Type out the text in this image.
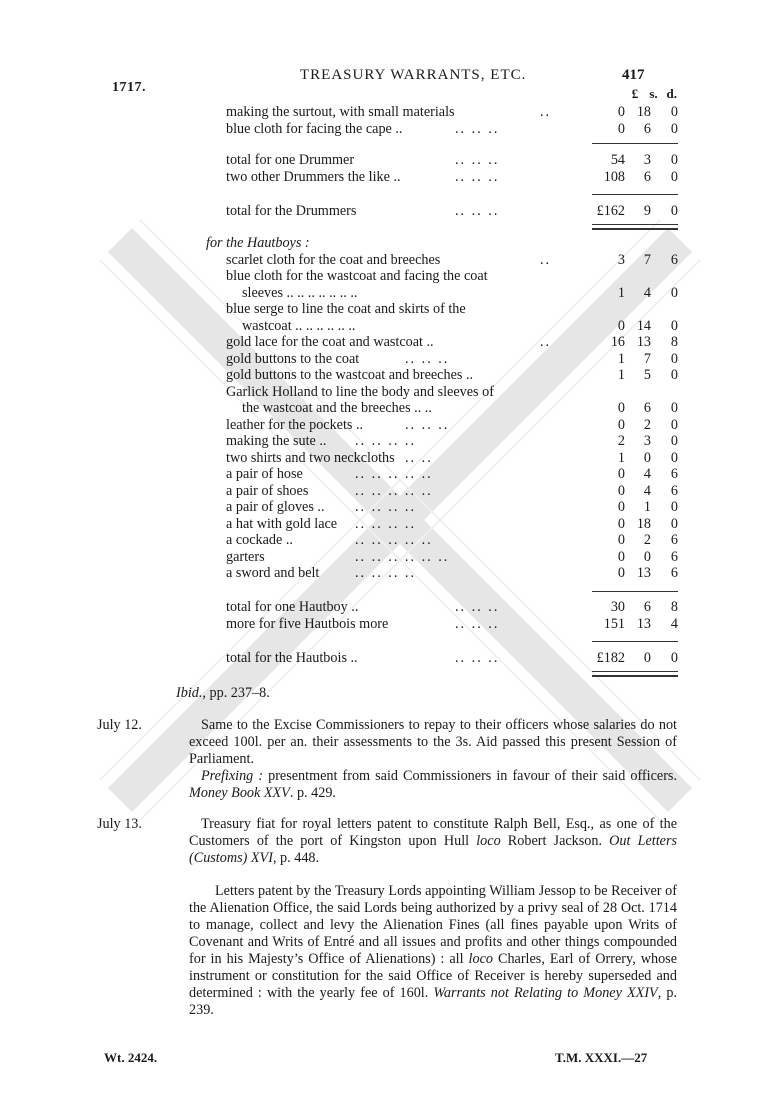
1717.
TREASURY WARRANTS, ETC.	417
£ s. d.
making the surtout, with small materials	..	0 18	0
blue cloth for facing the cape ..	.. .. ..	0	6	0
total for one Drummer	.. .. ..	54	3	0
two other Drummers the like ..	.. .. ..	108	6	0
total for the Drummers	.. .. ..	£162	9	0
for the Hautboys :
scarlet cloth for the coat and breeches	..	3	7	6
blue cloth for the wastcoat and facing the coat
sleeves .. .. .. .. .. .. ..	1	4	0
blue serge to line the coat and skirts of the
wastcoat .. .. .. .. .. ..	0 14	0
gold lace for the coat and wastcoat ..	..	16 13	8
gold buttons to the coat	.. .. ..	1	7	0
gold buttons to the wastcoat and breeches ..	1	5	0
Garlick Holland to line the body and sleeves of
the wastcoat and the breeches .. ..	0	6	0
leather for the pockets ..	.. .. ..	0	2	0
making the sute .. .. .. .. ..	2	3	0
two shirts and two neckcloths .. ..	1	0	0
a pair of hose	.. .. .. .. ..	0	4	6
a pair of shoes	.. .. .. .. ..	0	4	6
a pair of gloves .. .. .. .. ..	0	1	0
a hat with gold lace .. .. .. ..	0 18	0
a cockade ..	.. .. .. .. ..	0	2	6
garters	.. .. .. .. .. ..	0	0	6
a sword and belt	.. .. .. ..	0 13	6
total for one Hautboy ..	.. .. ..	30	6	8
more for five Hautbois more	.. .. ..	151 13	4
total for the Hautbois ..	.. .. ..	£182	0	0
Ibid., pp. 237–8.
July 12.	Same to the Excise Commissioners to repay to their officers whose salaries do not exceed 100l. per an. their assessments to the 3s. Aid passed this present Session of Parliament.
Prefixing : presentment from said Commissioners in favour of their said officers. Money Book XXV. p. 429.
July 13.	Treasury fiat for royal letters patent to constitute Ralph Bell, Esq., as one of the Customers of the port of Kingston upon Hull loco Robert Jackson. Out Letters (Customs) XVI, p. 448.
Letters patent by the Treasury Lords appointing William Jessop to be Receiver of the Alienation Office, the said Lords being authorized by a privy seal of 28 Oct. 1714 to manage, collect and levy the Alienation Fines (all fines payable upon Writs of Covenant and Writs of Entré and all issues and profits and other things compounded for in his Majesty’s Office of Alienations) : all loco Charles, Earl of Orrery, whose instrument or constitution for the said Office of Receiver is hereby superseded and determined : with the yearly fee of 160l. Warrants not Relating to Money XXIV, p. 239.
Wt. 2424.	T.M. XXXI.—27
